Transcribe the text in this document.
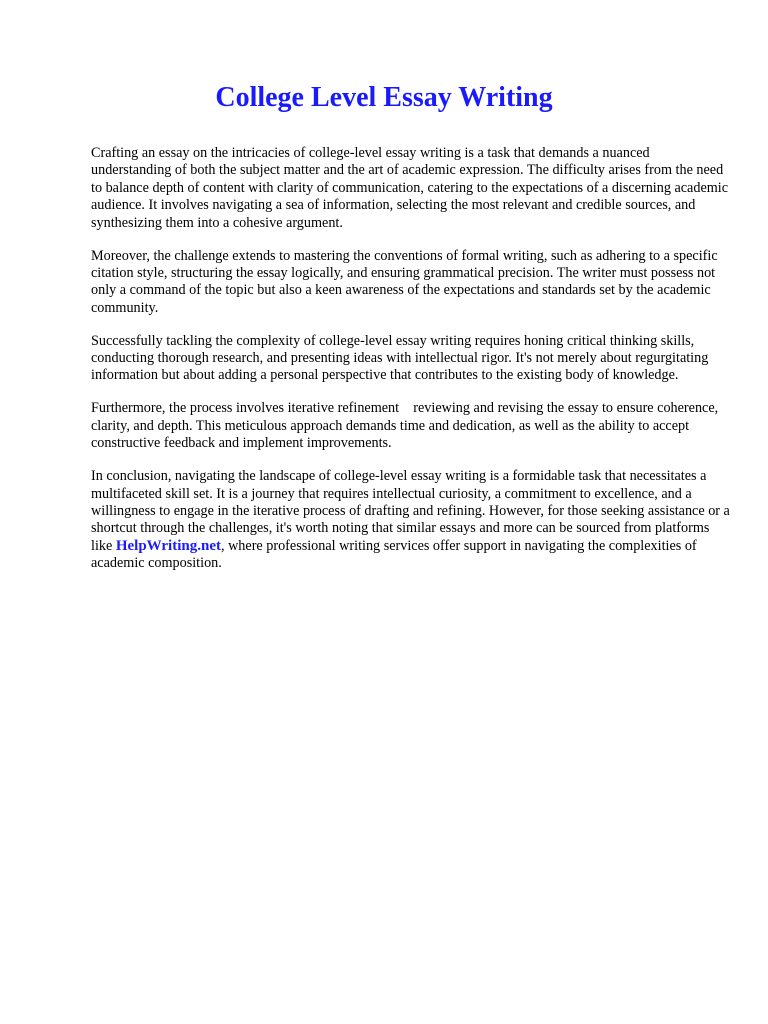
College Level Essay Writing

Crafting an essay on the intricacies of college-level essay writing is a task that demands a nuanced understanding of both the subject matter and the art of academic expression. The difficulty arises from the need to balance depth of content with clarity of communication, catering to the expectations of a discerning academic audience. It involves navigating a sea of information, selecting the most relevant and credible sources, and synthesizing them into a cohesive argument.

Moreover, the challenge extends to mastering the conventions of formal writing, such as adhering to a specific citation style, structuring the essay logically, and ensuring grammatical precision. The writer must possess not only a command of the topic but also a keen awareness of the expectations and standards set by the academic community.

Successfully tackling the complexity of college-level essay writing requires honing critical thinking skills, conducting thorough research, and presenting ideas with intellectual rigor. It's not merely about regurgitating information but about adding a personal perspective that contributes to the existing body of knowledge.

Furthermore, the process involves iterative refinement    reviewing and revising the essay to ensure coherence, clarity, and depth. This meticulous approach demands time and dedication, as well as the ability to accept constructive feedback and implement improvements.

In conclusion, navigating the landscape of college-level essay writing is a formidable task that necessitates a multifaceted skill set. It is a journey that requires intellectual curiosity, a commitment to excellence, and a willingness to engage in the iterative process of drafting and refining. However, for those seeking assistance or a shortcut through the challenges, it's worth noting that similar essays and more can be sourced from platforms like HelpWriting.net, where professional writing services offer support in navigating the complexities of academic composition.
